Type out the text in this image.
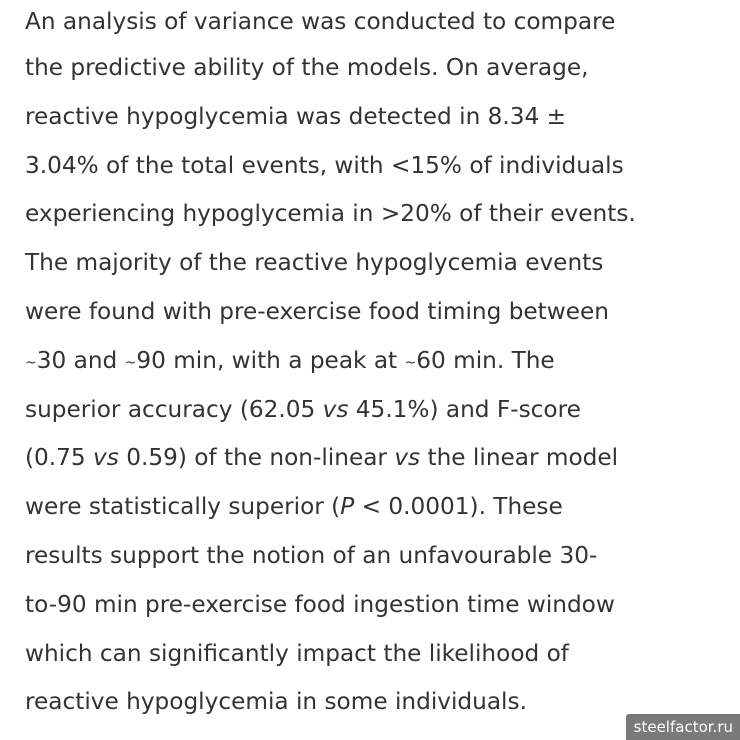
An analysis of variance was conducted to compare
the predictive ability of the models. On average,
reactive hypoglycemia was detected in 8.34 ±
3.04% of the total events, with <15% of individuals
experiencing hypoglycemia in >20% of their events.
The majority of the reactive hypoglycemia events
were found with pre-exercise food timing between
~30 and ~90 min, with a peak at ~60 min. The
superior accuracy (62.05 vs 45.1%) and F-score
(0.75 vs 0.59) of the non-linear vs the linear model
were statistically superior (P < 0.0001). These
results support the notion of an unfavourable 30-
to-90 min pre-exercise food ingestion time window
which can significantly impact the likelihood of
reactive hypoglycemia in some individuals.
steelfactor.ru
